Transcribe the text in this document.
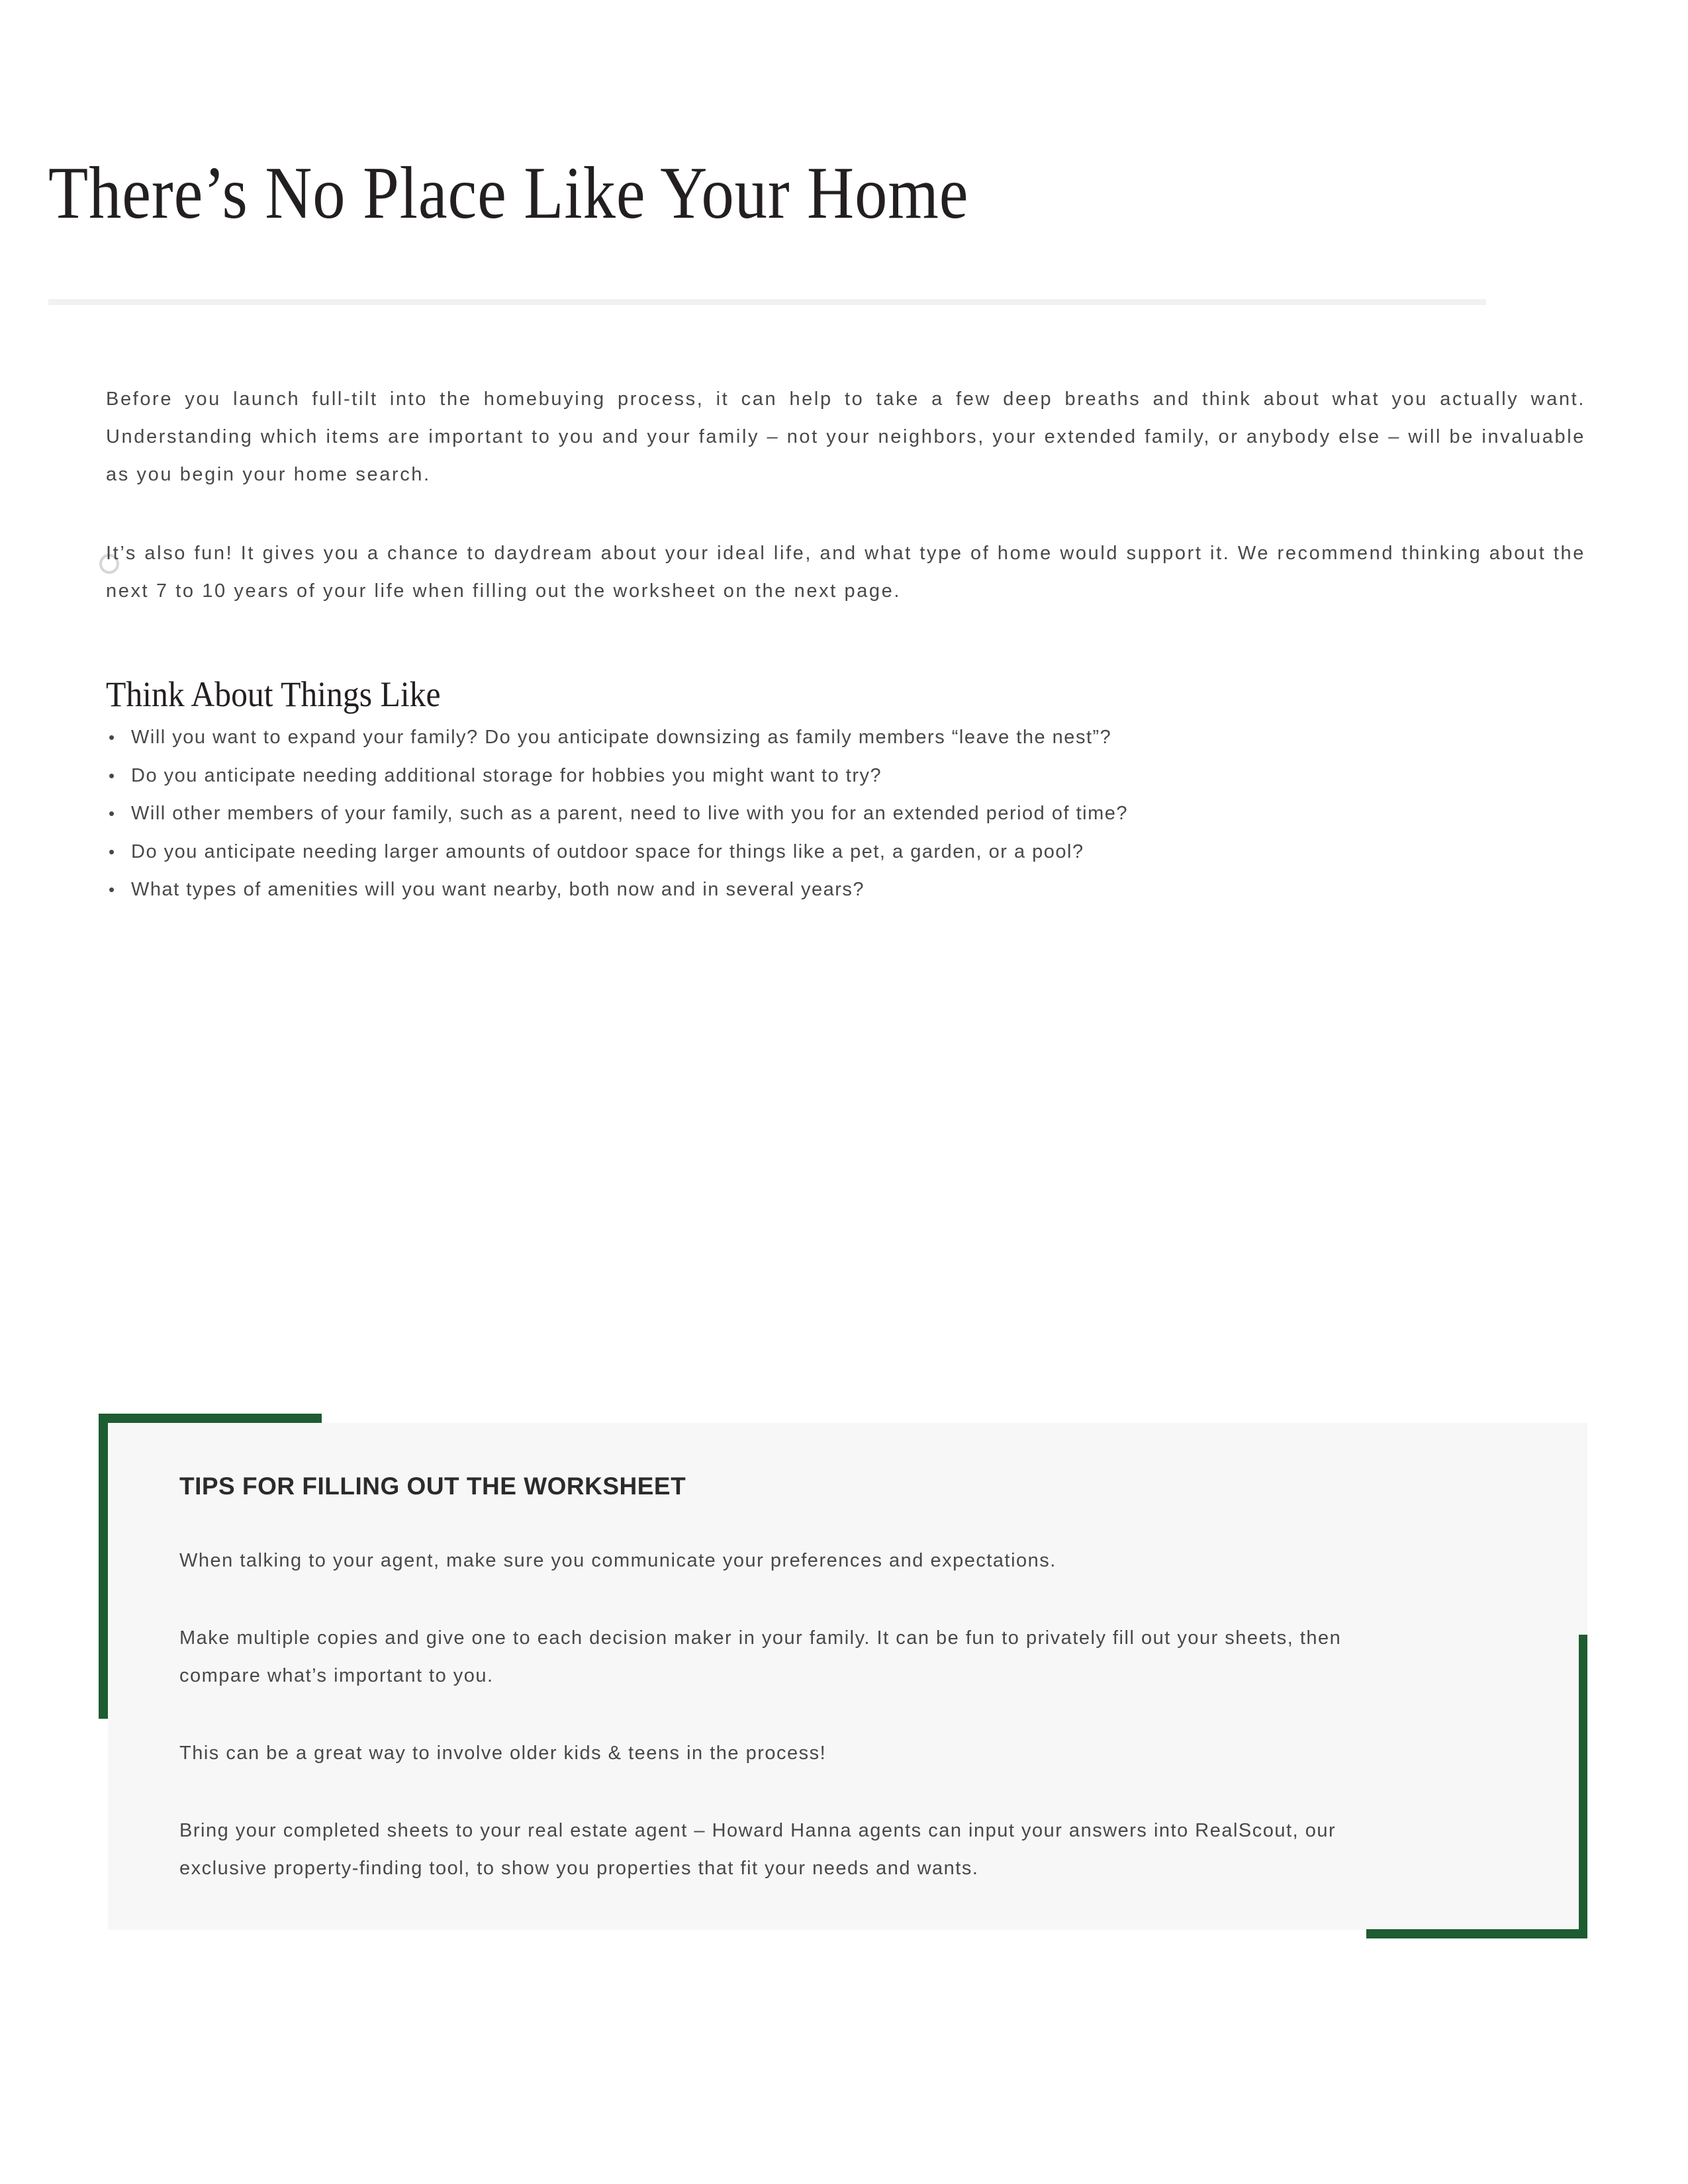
There’s No Place Like Your Home

Before you launch full-tilt into the homebuying process, it can help to take a few deep breaths and think about what you actually want. Understanding which items are important to you and your family – not your neighbors, your extended family, or anybody else – will be invaluable as you begin your home search.

It’s also fun! It gives you a chance to daydream about your ideal life, and what type of home would support it. We recommend thinking about the next 7 to 10 years of your life when filling out the worksheet on the next page.

Think About Things Like
• Will you want to expand your family? Do you anticipate downsizing as family members “leave the nest”?
• Do you anticipate needing additional storage for hobbies you might want to try?
• Will other members of your family, such as a parent, need to live with you for an extended period of time?
• Do you anticipate needing larger amounts of outdoor space for things like a pet, a garden, or a pool?
• What types of amenities will you want nearby, both now and in several years?
TIPS FOR FILLING OUT THE WORKSHEET

When talking to your agent, make sure you communicate your preferences and expectations.

Make multiple copies and give one to each decision maker in your family. It can be fun to privately fill out your sheets, then compare what’s important to you.

This can be a great way to involve older kids & teens in the process!

Bring your completed sheets to your real estate agent – Howard Hanna agents can input your answers into RealScout, our exclusive property-finding tool, to show you properties that fit your needs and wants.
